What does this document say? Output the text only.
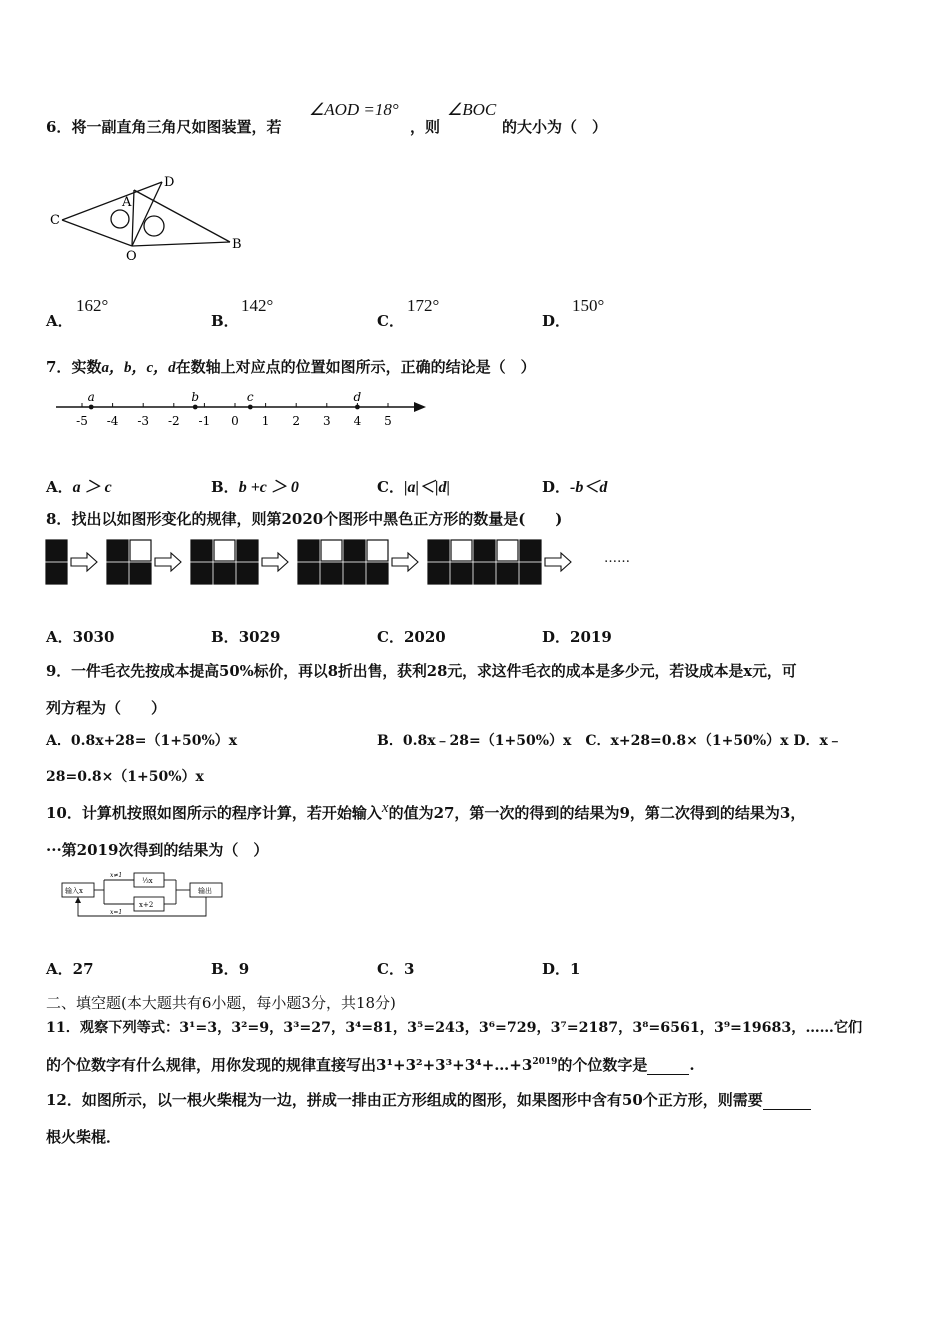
6．将一副直角三角尺如图装置，若
∠AOD =18°
，则
∠BOC
的大小为（　）
C
A
D
O
B
A．
162°
B．
142°
C．
172°
D．
150°
7．实数a，b，c，d在数轴上对应点的位置如图所示，正确的结论是（　）
-5 -4 -3 -2 -1 0 1 2 3 4 5
a	b	c	d
A．a ＞ c	B．b +c ＞ 0	C．|a|＜|d|	D．-b＜d
8．找出以如图形变化的规律，则第2020个图形中黑色正方形的数量是(　　)
……
A．3030	B．3029	C．2020	D．2019
9．一件毛衣先按成本提高50%标价，再以8折出售，获利28元，求这件毛衣的成本是多少元，若设成本是x元，可
列方程为（　　）
A．0.8x+28=（1+50%）x	B．0.8x﹣28=（1+50%）x　C．x+28=0.8×（1+50%）x D．x﹣
28=0.8×（1+50%）x
10．计算机按照如图所示的程序计算，若开始输入x的值为27，第一次的得到的结果为9，第二次得到的结果为3，
···第2019次得到的结果为（　）
输入x
x≠1
⅓x
x+2
x=1
输出
A．27	B．9	C．3	D．1
二、填空题(本大题共有6小题，每小题3分，共18分)
11．观察下列等式：3¹=3，3²=9，3³=27，3⁴=81，3⁵=243，3⁶=729，3⁷=2187，3⁸=6561，3⁹=19683，……它们
的个位数字有什么规律，用你发现的规律直接写出$3^1+3^2+3^3+3^4+\dots+3^{2019}$的个位数字是	.
12．如图所示，以一根火柴棍为一边，拼成一排由正方形组成的图形，如果图形中含有50个正方形，则需要
根火柴棍．
